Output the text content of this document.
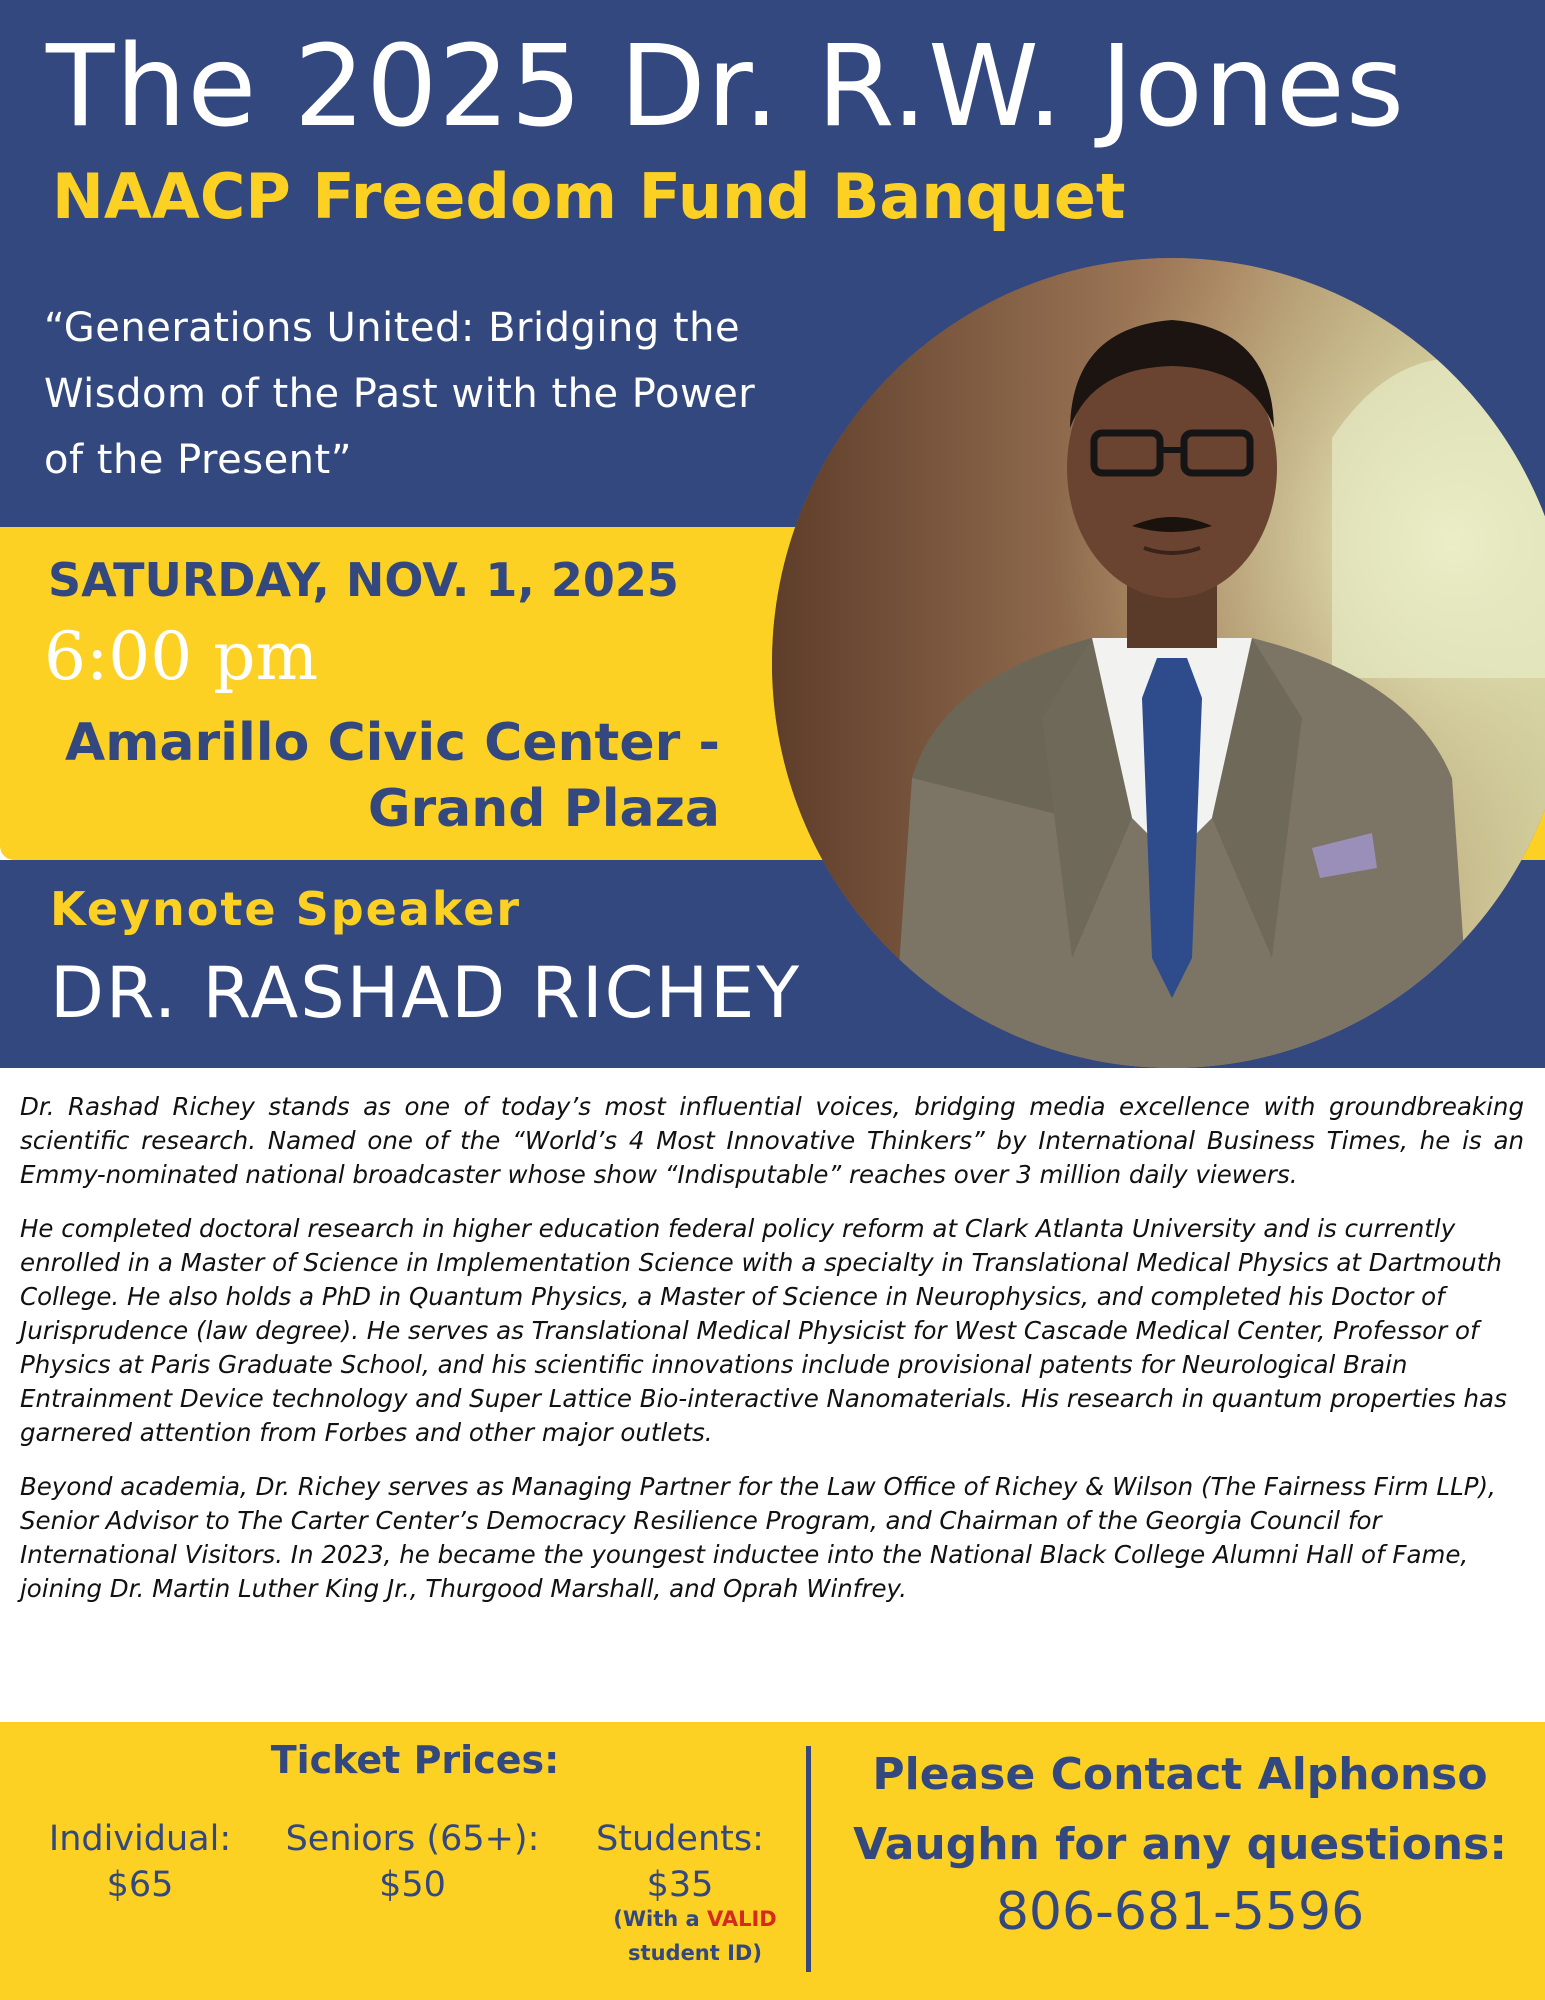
The 2025 Dr. R.W. Jones
NAACP Freedom Fund Banquet
“Generations United: Bridging the
Wisdom of the Past with the Power
of the Present”
SATURDAY, NOV. 1, 2025
6:00 pm
Amarillo Civic Center -
Grand Plaza
Keynote Speaker
DR. RASHAD RICHEY

Dr. Rashad Richey stands as one of today’s most influential voices, bridging media excellence with groundbreaking scientific research. Named one of the “World’s 4 Most Innovative Thinkers” by International Business Times, he is an Emmy-nominated national broadcaster whose show “Indisputable” reaches over 3 million daily viewers.

He completed doctoral research in higher education federal policy reform at Clark Atlanta University and is currently enrolled in a Master of Science in Implementation Science with a specialty in Translational Medical Physics at Dartmouth College. He also holds a PhD in Quantum Physics, a Master of Science in Neurophysics, and completed his Doctor of Jurisprudence (law degree). He serves as Translational Medical Physicist for West Cascade Medical Center, Professor of Physics at Paris Graduate School, and his scientific innovations include provisional patents for Neurological Brain Entrainment Device technology and Super Lattice Bio-interactive Nanomaterials. His research in quantum properties has garnered attention from Forbes and other major outlets.

Beyond academia, Dr. Richey serves as Managing Partner for the Law Office of Richey & Wilson (The Fairness Firm LLP), Senior Advisor to The Carter Center’s Democracy Resilience Program, and Chairman of the Georgia Council for International Visitors. In 2023, he became the youngest inductee into the National Black College Alumni Hall of Fame, joining Dr. Martin Luther King Jr., Thurgood Marshall, and Oprah Winfrey.

Ticket Prices:
Individual:
$65
Seniors (65+):
$50
Students:
$35
(With a VALID
student ID)
Please Contact Alphonso
Vaughn for any questions:
806-681-5596
